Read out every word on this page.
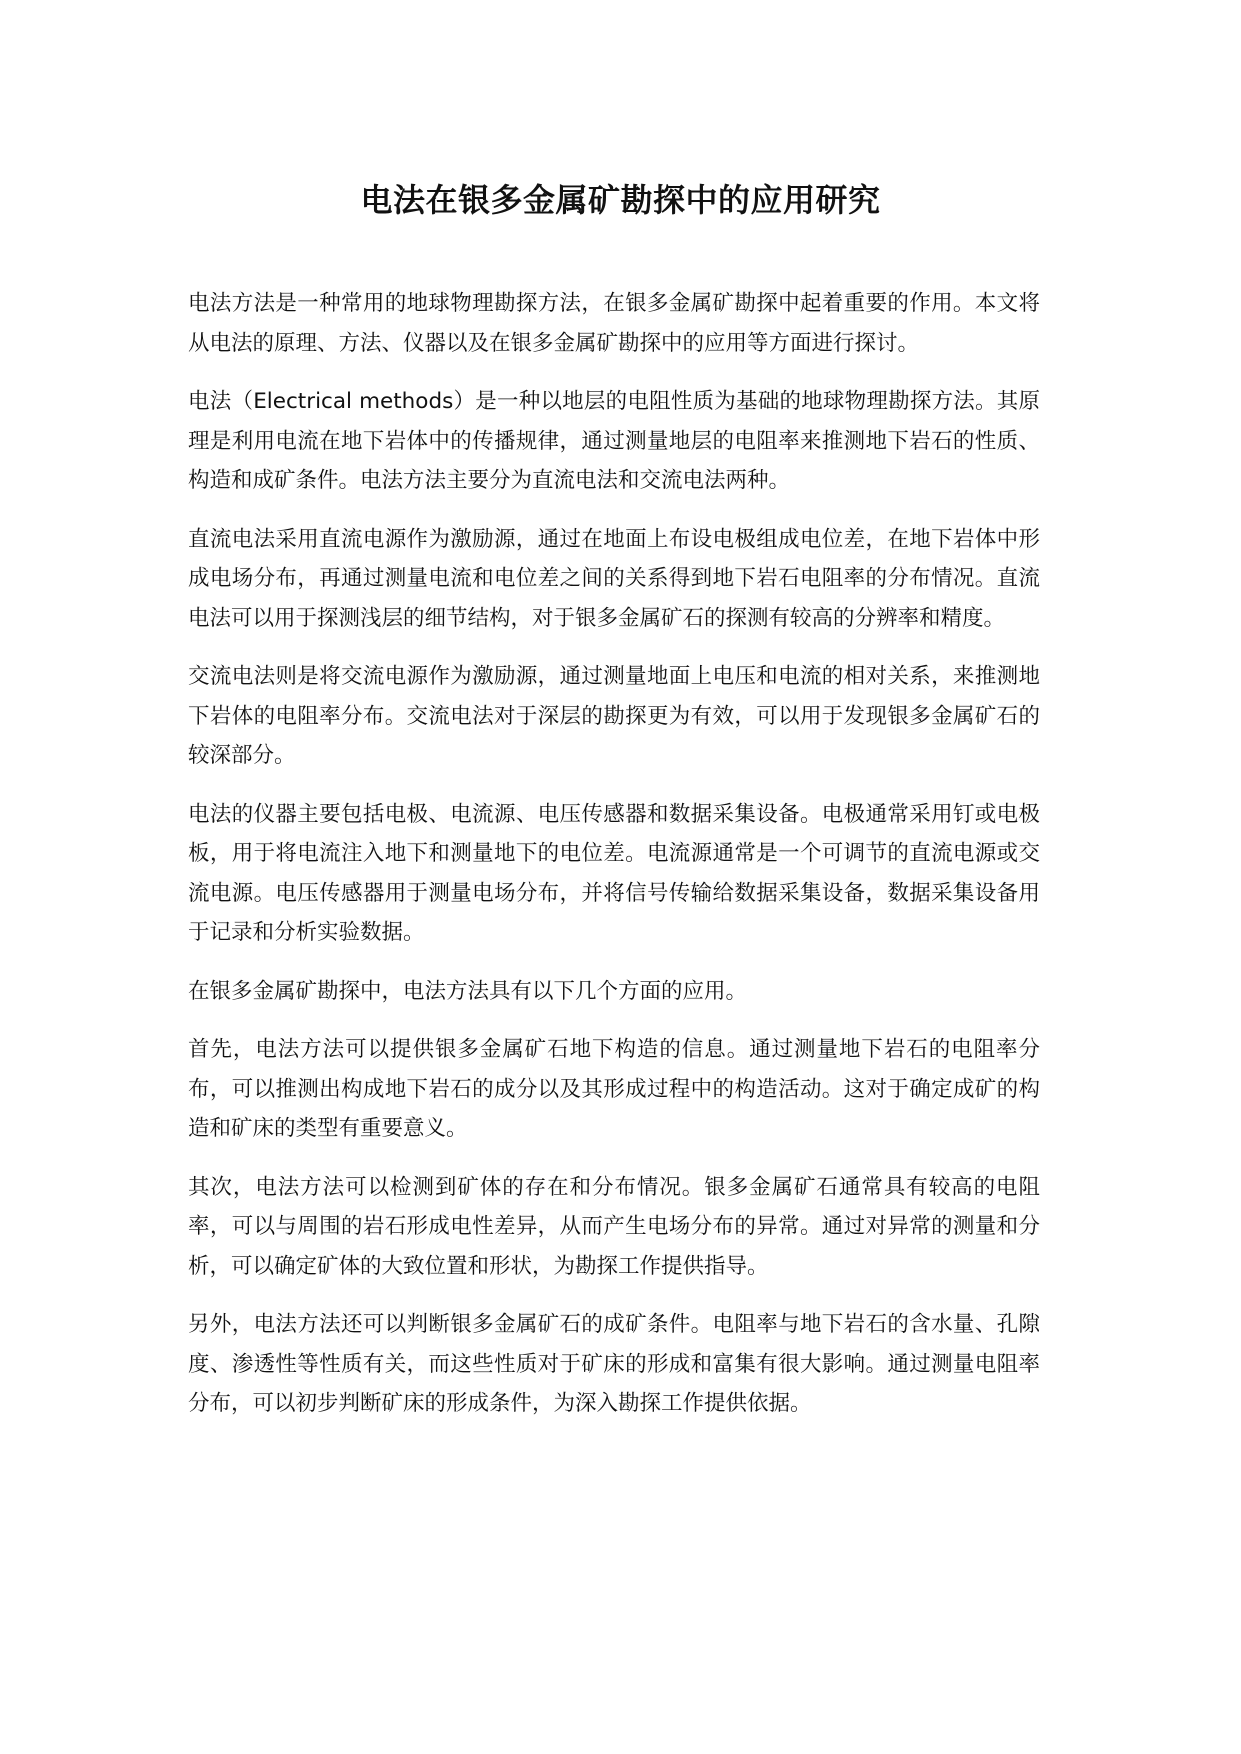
电法在银多金属矿勘探中的应用研究

电法方法是一种常用的地球物理勘探方法，在银多金属矿勘探中起着重要的作用。本文将从电法的原理、方法、仪器以及在银多金属矿勘探中的应用等方面进行探讨。

电法（Electrical methods）是一种以地层的电阻性质为基础的地球物理勘探方法。其原理是利用电流在地下岩体中的传播规律，通过测量地层的电阻率来推测地下岩石的性质、构造和成矿条件。电法方法主要分为直流电法和交流电法两种。

直流电法采用直流电源作为激励源，通过在地面上布设电极组成电位差，在地下岩体中形成电场分布，再通过测量电流和电位差之间的关系得到地下岩石电阻率的分布情况。直流电法可以用于探测浅层的细节结构，对于银多金属矿石的探测有较高的分辨率和精度。

交流电法则是将交流电源作为激励源，通过测量地面上电压和电流的相对关系，来推测地下岩体的电阻率分布。交流电法对于深层的勘探更为有效，可以用于发现银多金属矿石的较深部分。

电法的仪器主要包括电极、电流源、电压传感器和数据采集设备。电极通常采用钉或电极板，用于将电流注入地下和测量地下的电位差。电流源通常是一个可调节的直流电源或交流电源。电压传感器用于测量电场分布，并将信号传输给数据采集设备，数据采集设备用于记录和分析实验数据。

在银多金属矿勘探中，电法方法具有以下几个方面的应用。

首先，电法方法可以提供银多金属矿石地下构造的信息。通过测量地下岩石的电阻率分布，可以推测出构成地下岩石的成分以及其形成过程中的构造活动。这对于确定成矿的构造和矿床的类型有重要意义。

其次，电法方法可以检测到矿体的存在和分布情况。银多金属矿石通常具有较高的电阻率，可以与周围的岩石形成电性差异，从而产生电场分布的异常。通过对异常的测量和分析，可以确定矿体的大致位置和形状，为勘探工作提供指导。

另外，电法方法还可以判断银多金属矿石的成矿条件。电阻率与地下岩石的含水量、孔隙度、渗透性等性质有关，而这些性质对于矿床的形成和富集有很大影响。通过测量电阻率分布，可以初步判断矿床的形成条件，为深入勘探工作提供依据。
